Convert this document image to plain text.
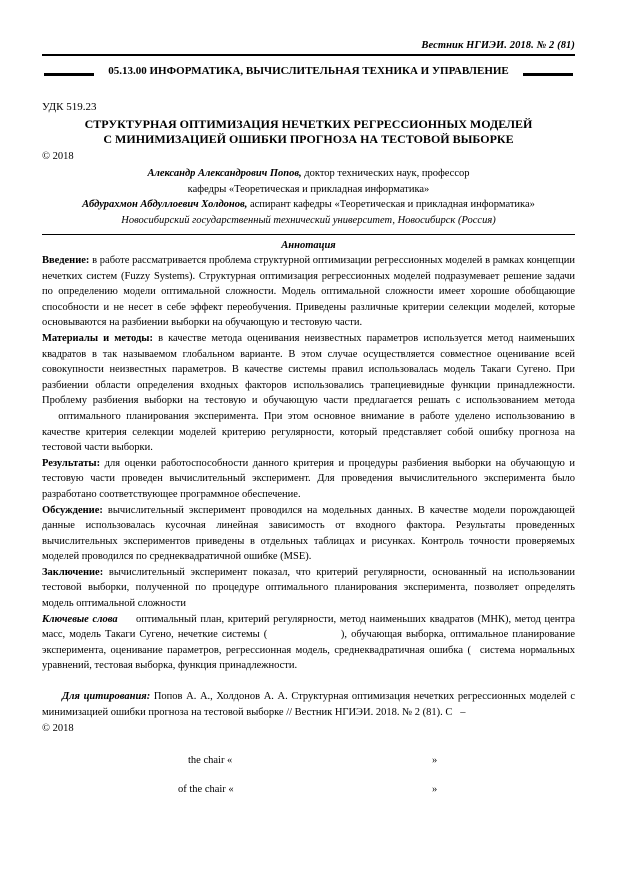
Вестник НГИЭИ. 2018. № 2 (81)
05.13.00 ИНФОРМАТИКА, ВЫЧИСЛИТЕЛЬНАЯ ТЕХНИКА И УПРАВЛЕНИЕ
УДК 519.23
СТРУКТУРНАЯ ОПТИМИЗАЦИЯ НЕЧЕТКИХ РЕГРЕССИОННЫХ МОДЕЛЕЙ
С МИНИМИЗАЦИЕЙ ОШИБКИ ПРОГНОЗА НА ТЕСТОВОЙ ВЫБОРКЕ
© 2018
Александр Александрович Попов, доктор технических наук, профессор
кафедры «Теоретическая и прикладная информатика»
Абдурахмон Абдуллоевич Холдонов, аспирант кафедры «Теоретическая и прикладная информатика»
Новосибирский государственный технический университет, Новосибирск (Россия)
Аннотация

Введение: в работе рассматривается проблема структурной оптимизации регрессионных моделей в рамках концепции нечетких систем (Fuzzy Systems). Структурная оптимизация регрессионных моделей подразумевает решение задачи по определению модели оптимальной сложности. Модель оптимальной сложности имеет хорошие обобщающие способности и не несет в себе эффект переобучения. Приведены различные критерии селекции моделей, которые основываются на разбиении выборки на обучающую и тестовую части.

Материалы и методы: в качестве метода оценивания неизвестных параметров используется метод наименьших квадратов в так называемом глобальном варианте. В этом случае осуществляется совместное оценивание всей совокупности неизвестных параметров. В качестве системы правил использовалась модель Такаги Сугено. При разбиении области определения входных факторов использовались трапециевидные функции принадлежности. Проблему разбиения выборки на тестовую и обучающую части предлагается решать с использованием метода    оптимального планирования эксперимента. При этом основное внимание в работе уделено использованию в качестве критерия селекции моделей критерию регулярности, который представляет собой ошибку прогноза на тестовой части выборки.

Результаты: для оценки работоспособности данного критерия и процедуры разбиения выборки на обучающую и тестовую части проведен вычислительный эксперимент. Для проведения вычислительного эксперимента было разработано соответствующее программное обеспечение.

Обсуждение: вычислительный эксперимент проводился на модельных данных. В качестве модели порождающей данные использовалась кусочная линейная зависимость от входного фактора. Результаты проведенных вычислительных экспериментов приведены в отдельных таблицах и рисунках. Контроль точности проверяемых моделей проводился по среднеквадратичной ошибке (MSE).

Заключение: вычислительный эксперимент показал, что критерий регулярности, основанный на использовании тестовой выборки, полученной по процедуре оптимального планирования эксперимента, позволяет определять модель оптимальной сложности

Ключевые слова     оптимальный план, критерий регулярности, метод наименьших квадратов (МНК), метод центра масс, модель Такаги Сугено, нечеткие системы (                  ), обучающая выборка, оптимальное планирование эксперимента, оценивание параметров, регрессионная модель, среднеквадратичная ошибка (  система нормальных уравнений, тестовая выборка, функция принадлежности.

Для цитирования: Попов А. А., Холдонов А. А. Структурная оптимизация нечетких регрессионных моделей с минимизацией ошибки прогноза на тестовой выборке // Вестник НГИЭИ. 2018. № 2 (81). С   –

© 2018
the chair «	»
of the chair «	»
